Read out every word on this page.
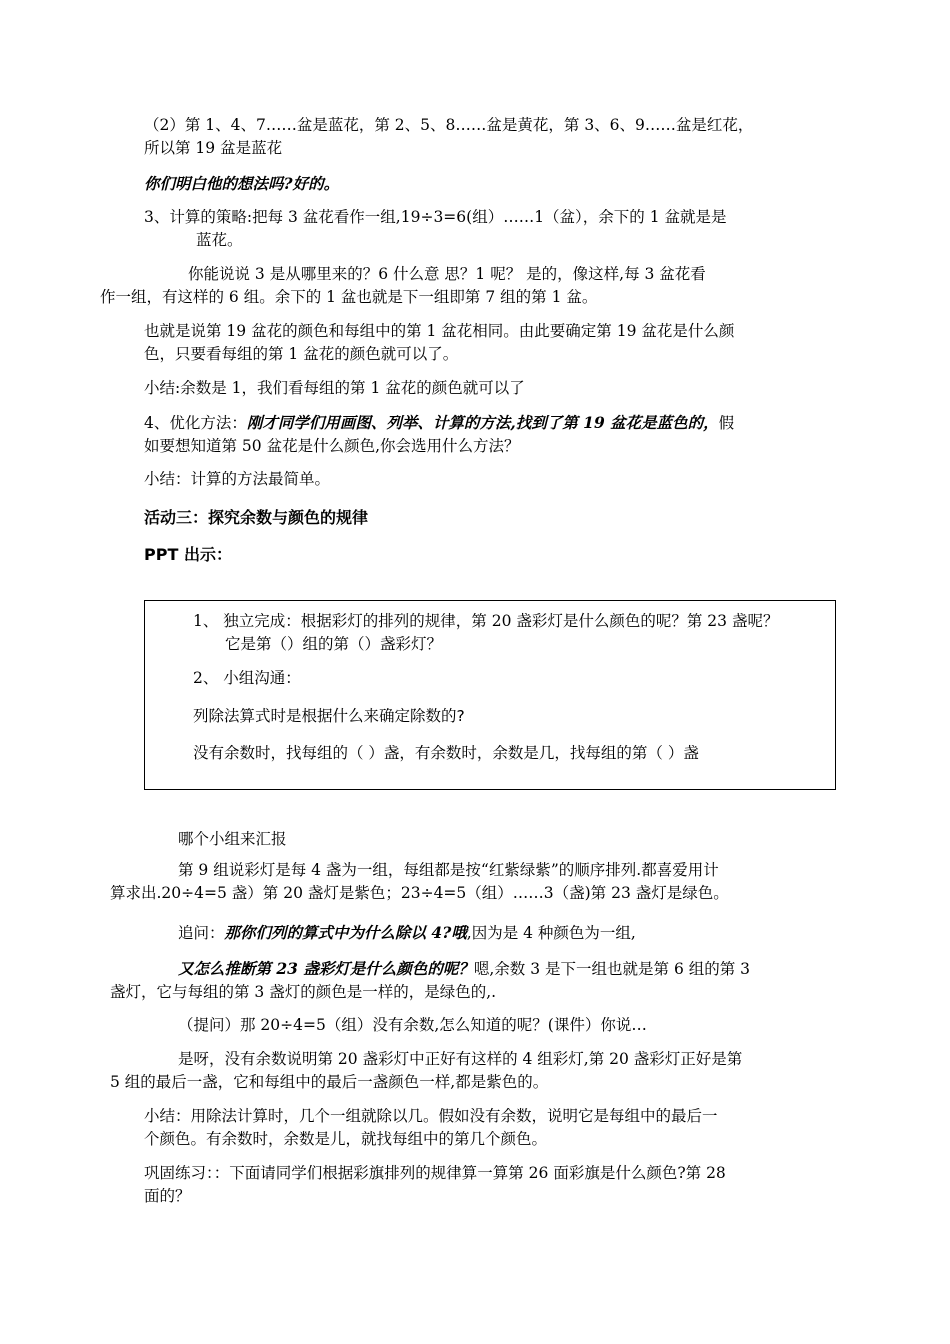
（2）第 1、4、7……盆是蓝花，第 2、5、8……盆是黄花，第 3、6、9……盆是红花，
所以第 19 盆是蓝花

你们明白他的想法吗?好的。

3、计算的策略:把每 3 盆花看作一组,19÷3=6(组）……1（盆），余下的 1 盆就是是
蓝花。

你能说说 3 是从哪里来的？6 什么意 思？1 呢？ 是的，像这样,每 3 盆花看
作一组，有这样的 6 组。余下的 1 盆也就是下一组即第 7 组的第 1 盆。

也就是说第 19 盆花的颜色和每组中的第 1 盆花相同。由此要确定第 19 盆花是什么颜
色，只要看每组的第 1 盆花的颜色就可以了。

小结:余数是 1，我们看每组的第 1 盆花的颜色就可以了

4、优化方法：刚才同学们用画图、列举、计算的方法,找到了第 19 盆花是蓝色的，假
如要想知道第 50 盆花是什么颜色,你会选用什么方法？

小结：计算的方法最简单。

活动三：探究余数与颜色的规律

PPT 出示：

1、 独立完成：根据彩灯的排列的规律，第 20 盏彩灯是什么颜色的呢？第 23 盏呢？
它是第（）组的第（）盏彩灯？

2、 小组沟通：

列除法算式时是根据什么来确定除数的?

没有余数时，找每组的（ ）盏，有余数时，余数是几，找每组的第（ ）盏

哪个小组来汇报

第 9 组说彩灯是每 4 盏为一组，每组都是按“红紫绿紫”的顺序排列.都喜爱用计
算求出.20÷4=5 盏）第 20 盏灯是紫色；23÷4=5（组）……3（盏)第 23 盏灯是绿色。

追问：那你们列的算式中为什么除以 4?哦,因为是 4 种颜色为一组,

又怎么推断第 23 盏彩灯是什么颜色的呢？嗯,余数 3 是下一组也就是第 6 组的第 3
盏灯，它与每组的第 3 盏灯的颜色是一样的，是绿色的,.

（提问）那 20÷4=5（组）没有余数,怎么知道的呢？(课件）你说…

是呀，没有余数说明第 20 盏彩灯中正好有这样的 4 组彩灯,第 20 盏彩灯正好是第
5 组的最后一盏，它和每组中的最后一盏颜色一样,都是紫色的。

小结：用除法计算时，几个一组就除以几。假如没有余数，说明它是每组中的最后一
个颜色。有余数时，余数是儿，就找每组中的第几个颜色。

巩固练习：：下面请同学们根据彩旗排列的规律算一算第 26 面彩旗是什么颜色?第 28
面的？
